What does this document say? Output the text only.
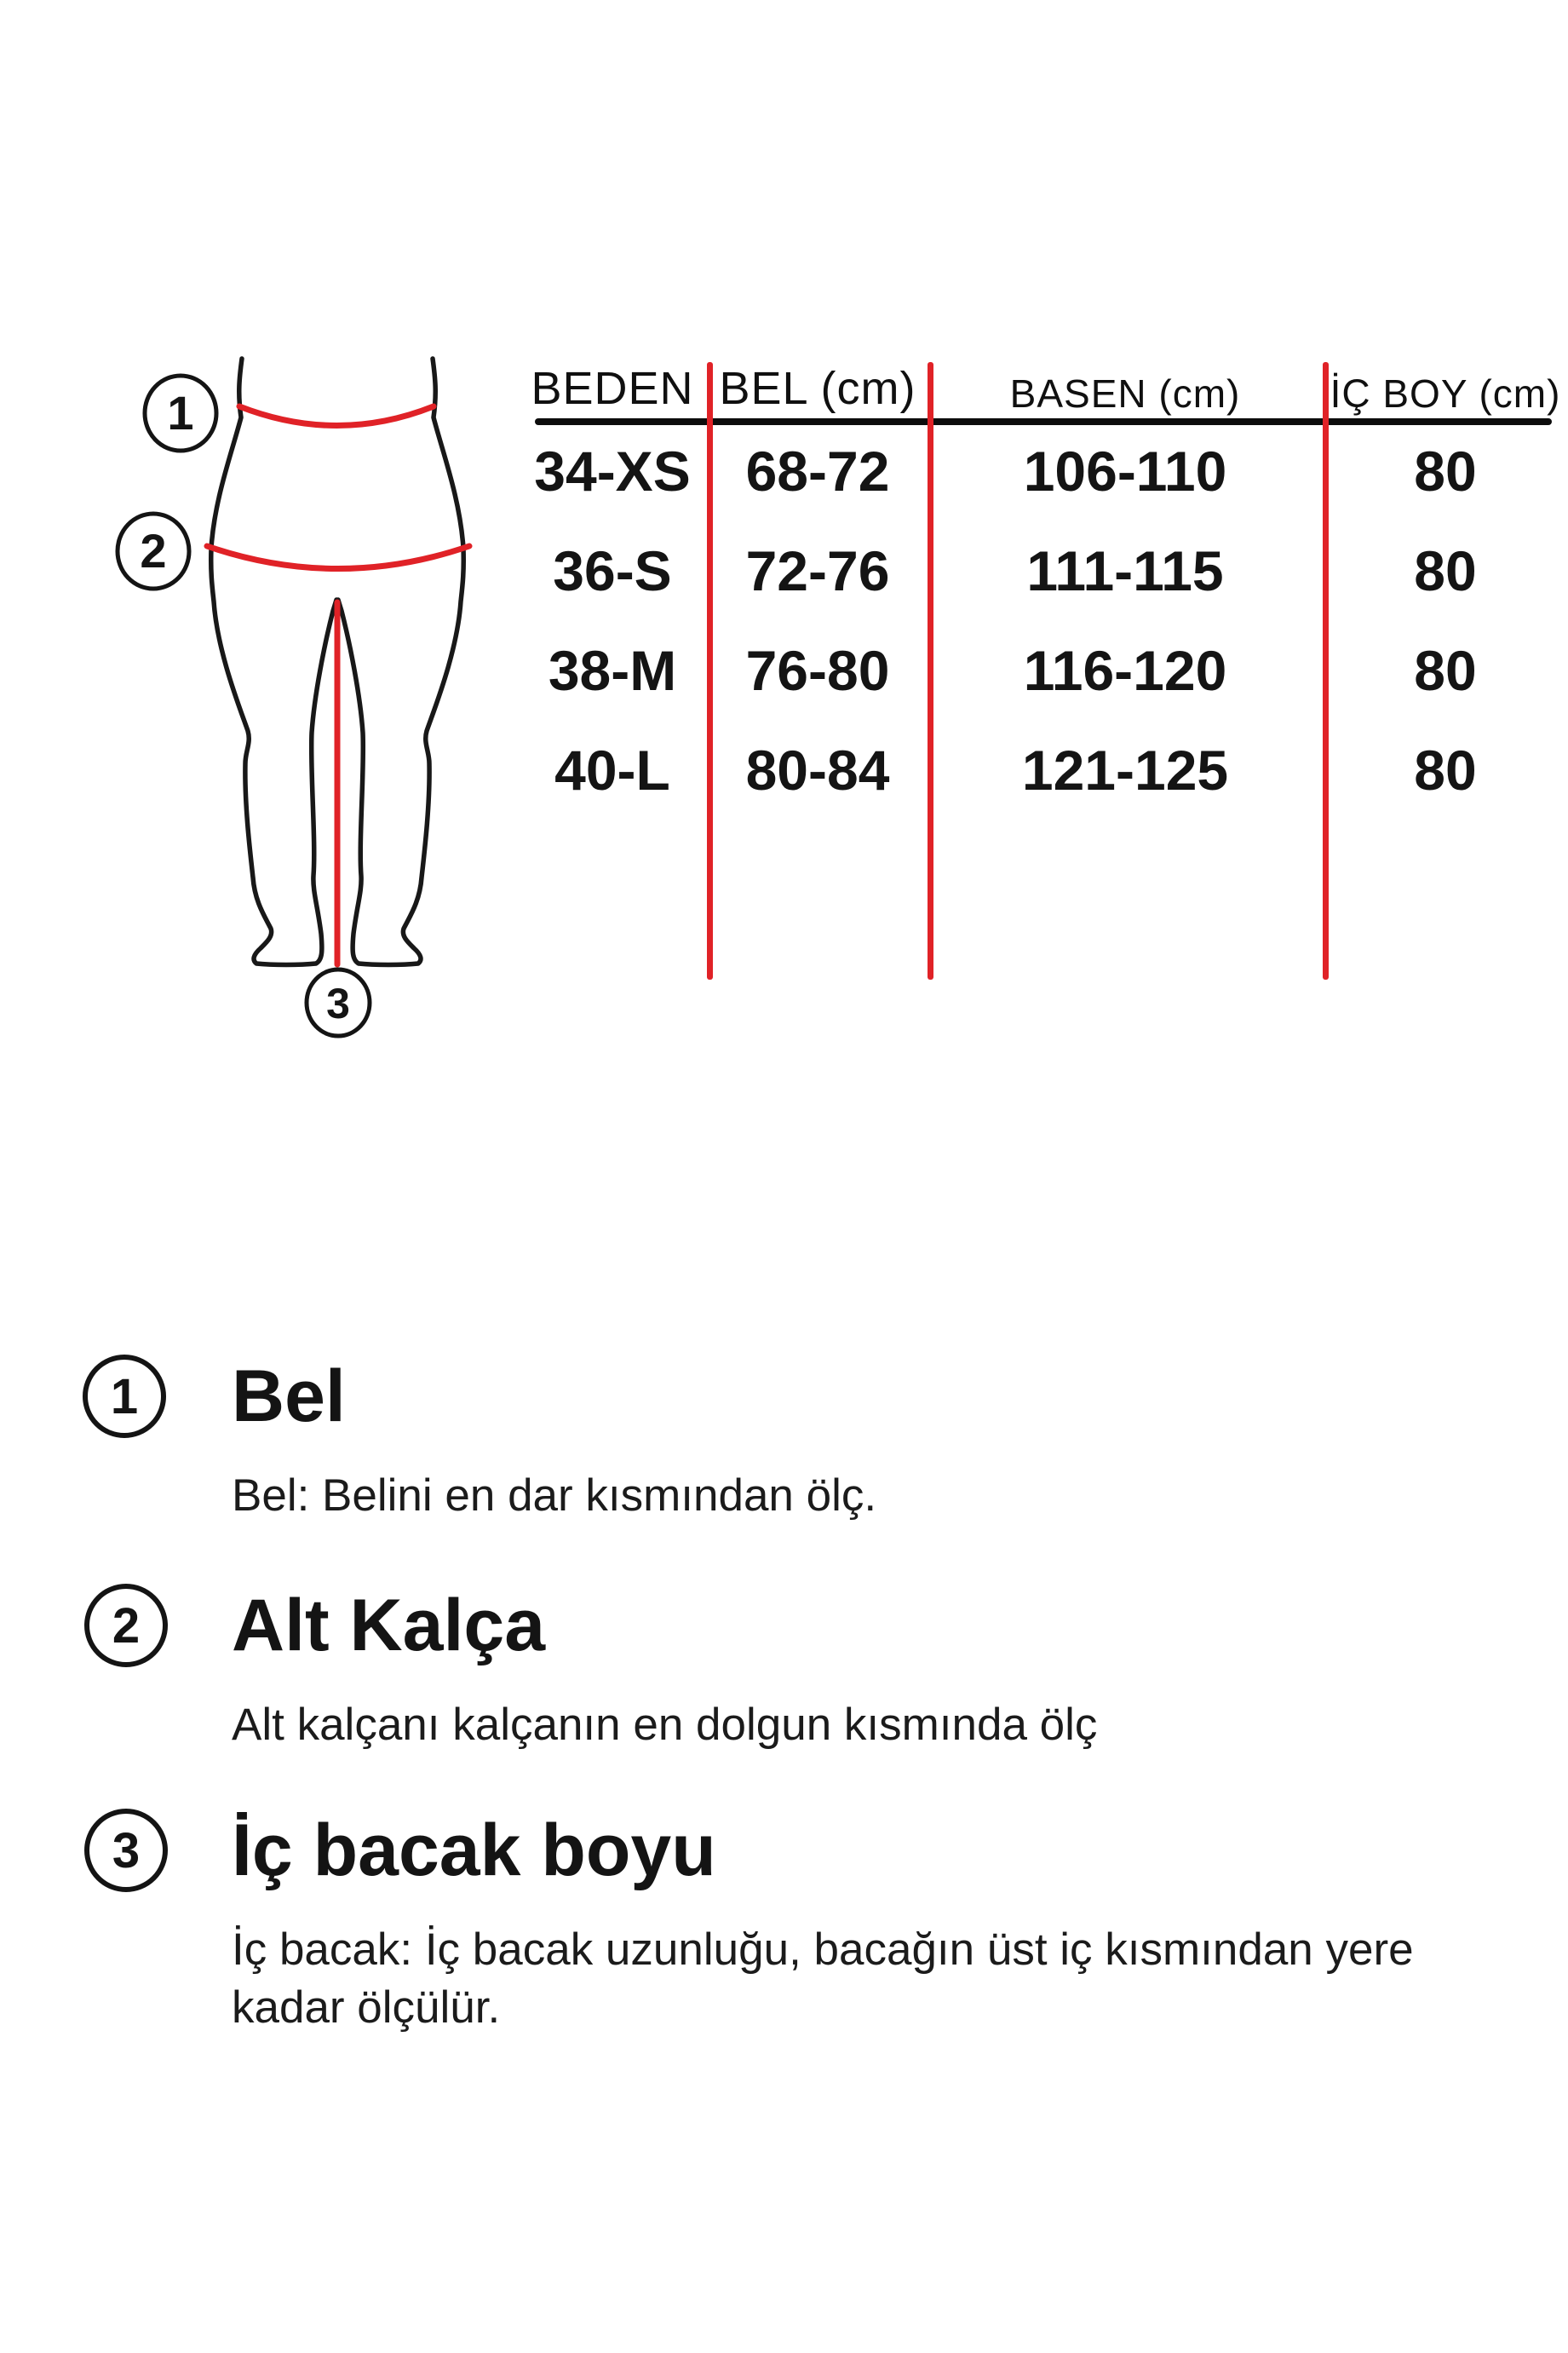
1
2
3
BEDEN BEL (cm)	BASEN (cm)	İÇ BOY (cm)
34-XS 68-72	106-110	80
36-S	72-76	111-115	80
38-M	76-80	116-120	80
40-L	80-84	121-125	80
1 Bel
Bel: Belini en dar kısmından ölç.
2 Alt Kalça
Alt kalçanı kalçanın en dolgun kısmında ölç
3 İç bacak boyu
İç bacak: İç bacak uzunluğu, bacağın üst iç kısmından yere
kadar ölçülür.
